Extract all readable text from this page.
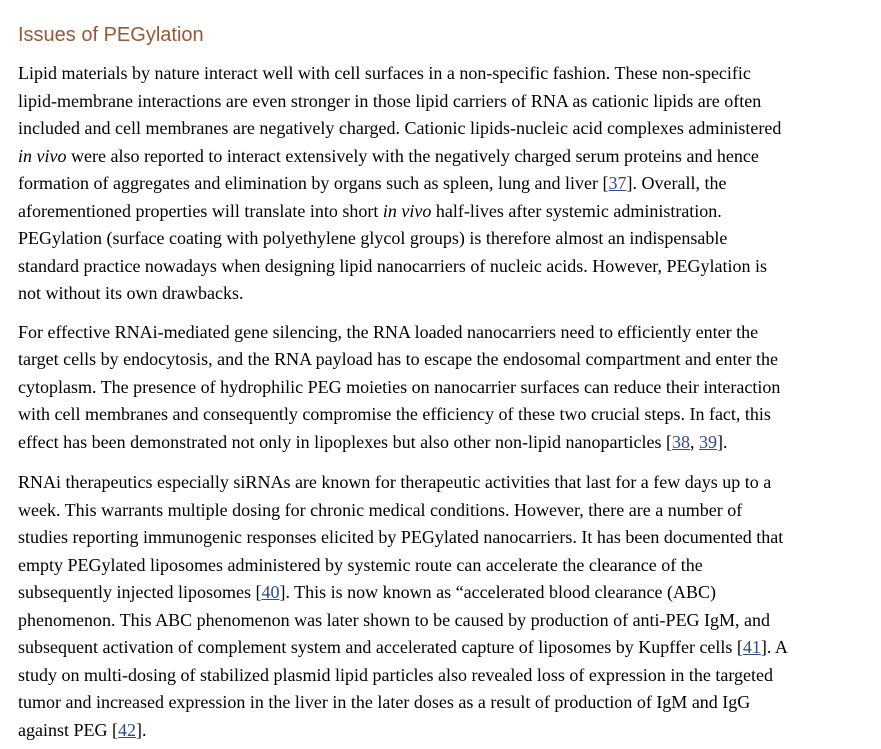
Issues of PEGylation

Lipid materials by nature interact well with cell surfaces in a non-specific fashion. These non-specific
lipid-membrane interactions are even stronger in those lipid carriers of RNA as cationic lipids are often
included and cell membranes are negatively charged. Cationic lipids-nucleic acid complexes administered
in vivo were also reported to interact extensively with the negatively charged serum proteins and hence
formation of aggregates and elimination by organs such as spleen, lung and liver [37]. Overall, the
aforementioned properties will translate into short in vivo half-lives after systemic administration.
PEGylation (surface coating with polyethylene glycol groups) is therefore almost an indispensable
standard practice nowadays when designing lipid nanocarriers of nucleic acids. However, PEGylation is
not without its own drawbacks.

For effective RNAi-mediated gene silencing, the RNA loaded nanocarriers need to efficiently enter the
target cells by endocytosis, and the RNA payload has to escape the endosomal compartment and enter the
cytoplasm. The presence of hydrophilic PEG moieties on nanocarrier surfaces can reduce their interaction
with cell membranes and consequently compromise the efficiency of these two crucial steps. In fact, this
effect has been demonstrated not only in lipoplexes but also other non-lipid nanoparticles [38, 39].

RNAi therapeutics especially siRNAs are known for therapeutic activities that last for a few days up to a
week. This warrants multiple dosing for chronic medical conditions. However, there are a number of
studies reporting immunogenic responses elicited by PEGylated nanocarriers. It has been documented that
empty PEGylated liposomes administered by systemic route can accelerate the clearance of the
subsequently injected liposomes [40]. This is now known as “accelerated blood clearance (ABC)
phenomenon. This ABC phenomenon was later shown to be caused by production of anti-PEG IgM, and
subsequent activation of complement system and accelerated capture of liposomes by Kupffer cells [41]. A
study on multi-dosing of stabilized plasmid lipid particles also revealed loss of expression in the targeted
tumor and increased expression in the liver in the later doses as a result of production of IgM and IgG
against PEG [42].
